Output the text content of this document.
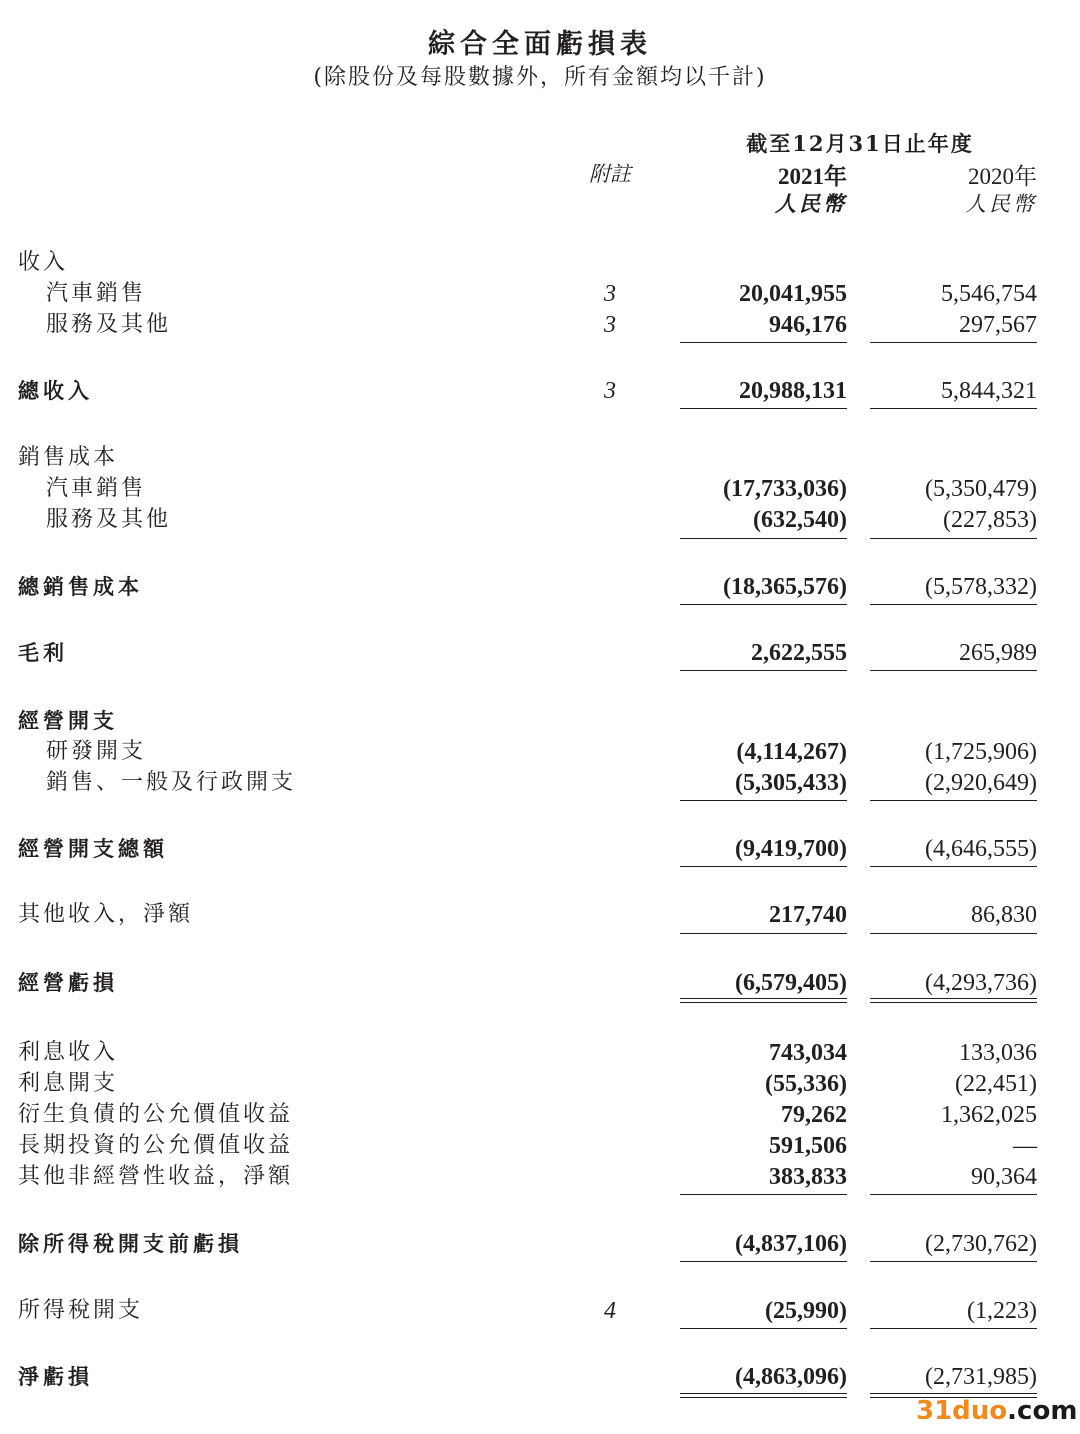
綜合全面虧損表
(除股份及每股數據外，所有金額均以千計)
截至12月31日止年度
附註	2021年	2020年
人民幣	人民幣
收入
汽車銷售	3	20,041,955	5,546,754
服務及其他	3	946,176	297,567
總收入	3	20,988,131	5,844,321
銷售成本
汽車銷售	(17,733,036)	(5,350,479)
服務及其他	(632,540)	(227,853)
總銷售成本	(18,365,576)	(5,578,332)
毛利	2,622,555	265,989
經營開支
研發開支	(4,114,267)	(1,725,906)
銷售、一般及行政開支	(5,305,433)	(2,920,649)
經營開支總額	(9,419,700)	(4,646,555)
其他收入，淨額	217,740	86,830
經營虧損	(6,579,405)	(4,293,736)
利息收入	743,034	133,036
利息開支	(55,336)	(22,451)
衍生負債的公允價值收益	79,262	1,362,025
長期投資的公允價值收益	591,506	—
其他非經營性收益，淨額	383,833	90,364
除所得稅開支前虧損	(4,837,106)	(2,730,762)
所得稅開支	4	(25,990)	(1,223)
淨虧損	(4,863,096)	(2,731,985)
31duo.com
